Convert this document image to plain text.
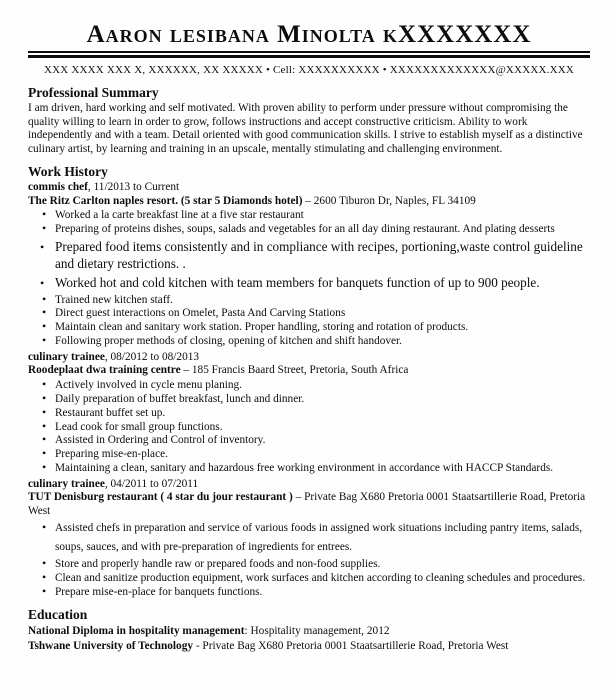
Aaron lesibana Minolta kXXXXXXX

XXX XXXX XXX X, XXXXXX, XX XXXXX • Cell: XXXXXXXXXX • XXXXXXXXXXXXX@XXXXX.XXX

Professional Summary

I am driven, hard working and self motivated. With proven ability to perform under pressure without compromising the quality willing to learn in order to grow, follows instructions and accept constructive criticism. Ability to work independently and with a team. Detail oriented with good communication skills. I strive to establish myself as a distinctive culinary artist, by learning and training in an upscale, mentally stimulating and challenging environment.

Work History

commis chef, 11/2013 to Current

The Ritz Carlton naples resort. (5 star 5 Diamonds hotel) – 2600 Tiburon Dr, Naples, FL 34109

• Worked a la carte breakfast line at a five star restaurant
• Preparing of proteins dishes, soups, salads and vegetables for an all day dining restaurant. And plating desserts
• Prepared food items consistently and in compliance with recipes, portioning,waste control guideline and dietary restrictions. .
• Worked hot and cold kitchen with team members for banquets function of up to 900 people.
• Trained new kitchen staff.
• Direct guest interactions on Omelet, Pasta And Carving Stations
• Maintain clean and sanitary work station. Proper handling, storing and rotation of products.
• Following proper methods of closing, opening of kitchen and shift handover.

culinary trainee, 08/2012 to 08/2013

Roodeplaat dwa training centre – 185 Francis Baard Street, Pretoria, South Africa

• Actively involved in cycle menu planing.
• Daily preparation of buffet breakfast, lunch and dinner.
• Restaurant buffet set up.
• Lead cook for small group functions.
• Assisted in Ordering and Control of inventory.
• Preparing mise-en-place.
• Maintaining a clean, sanitary and hazardous free working environment in accordance with HACCP Standards.

culinary trainee, 04/2011 to 07/2011

TUT Denisburg restaurant ( 4 star du jour restaurant ) – Private Bag X680 Pretoria 0001 Staatsartillerie Road, Pretoria West

• Assisted chefs in preparation and service of various foods in assigned work situations including pantry items, salads, soups, sauces, and with pre-preparation of ingredients for entrees.
• Store and properly handle raw or prepared foods and non-food supplies.
• Clean and sanitize production equipment, work surfaces and kitchen according to cleaning schedules and procedures.
• Prepare mise-en-place for banquets functions.
Education

National Diploma in hospitality management: Hospitality management, 2012

Tshwane University of Technology - Private Bag X680 Pretoria 0001 Staatsartillerie Road, Pretoria West
